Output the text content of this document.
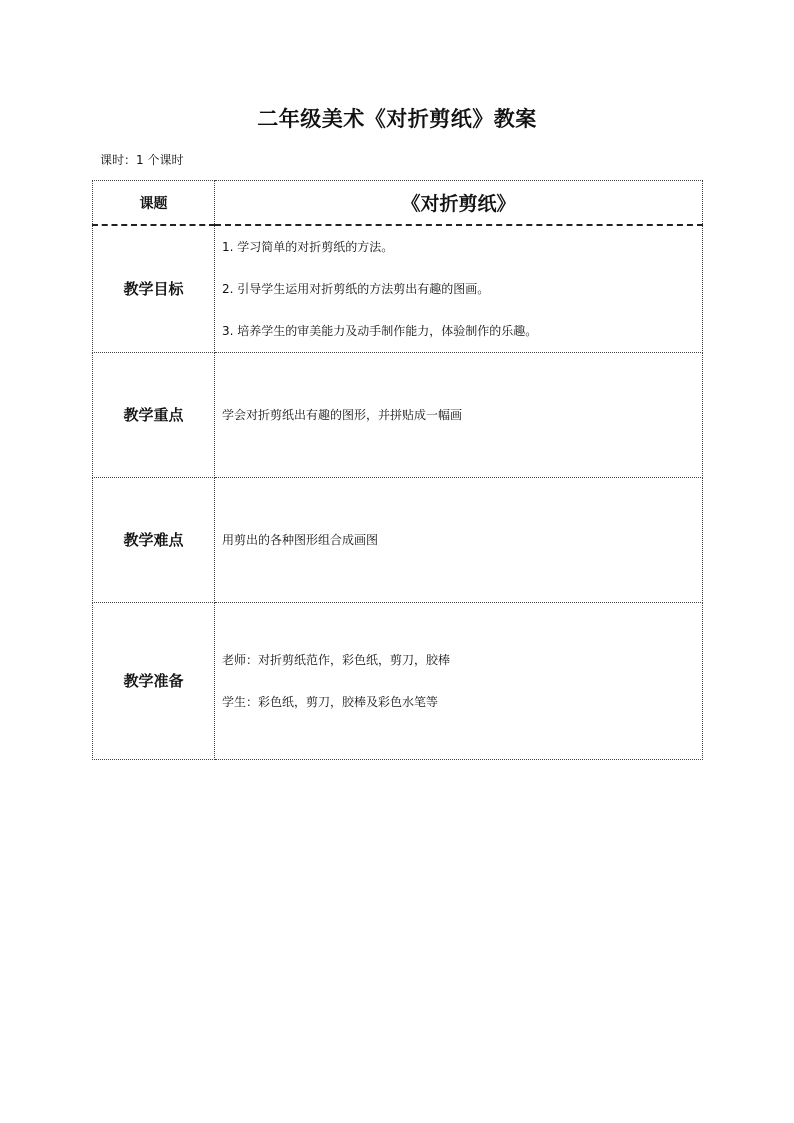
二年级美术《对折剪纸》教案
课时：1 个课时
课题	《对折剪纸》
教学目标	1. 学习简单的对折剪纸的方法。
2. 引导学生运用对折剪纸的方法剪出有趣的图画。
3. 培养学生的审美能力及动手制作能力，体验制作的乐趣。

教学重点	学会对折剪纸出有趣的图形，并拼贴成一幅画

教学难点	用剪出的各种图形组合成画图

教学准备	老师：对折剪纸范作，彩色纸，剪刀，胶棒
学生：彩色纸，剪刀，胶棒及彩色水笔等
